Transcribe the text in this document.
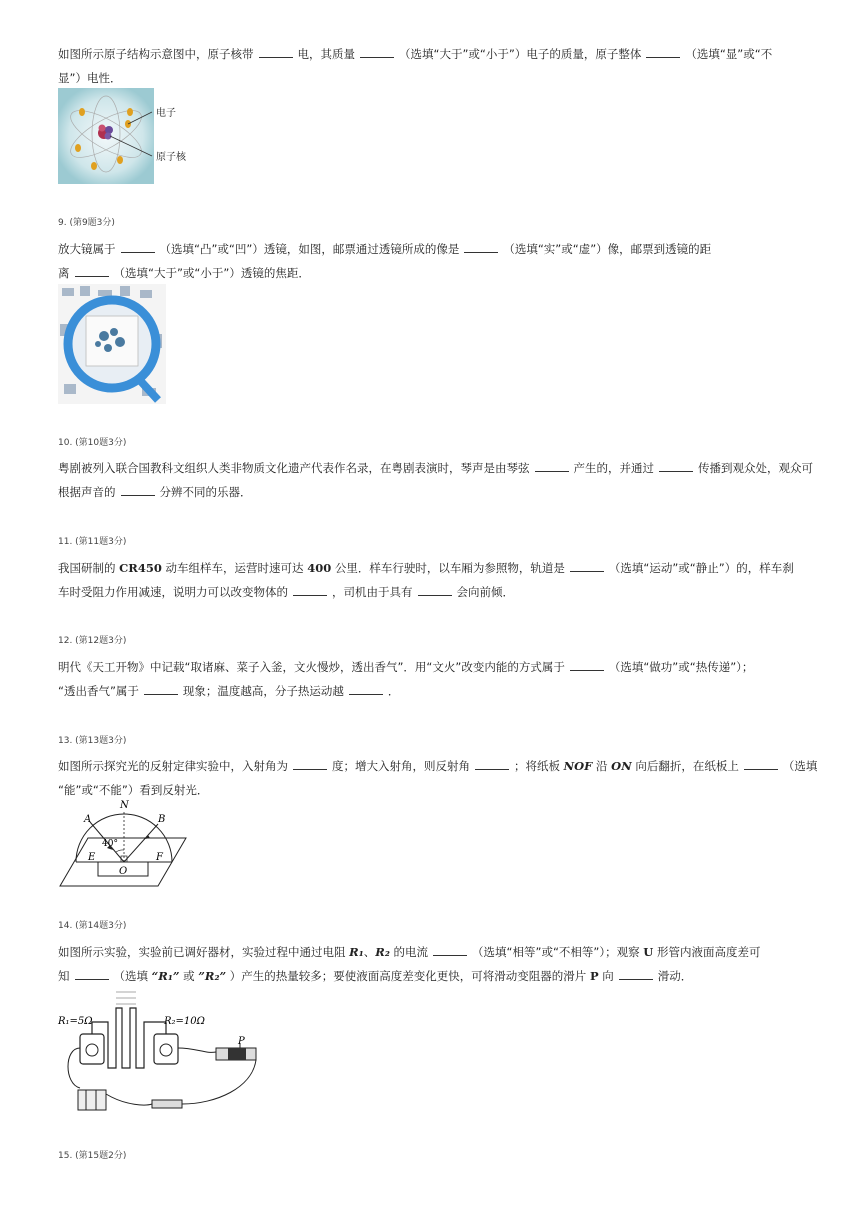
如图所示原子结构示意图中，原子核带	电，其质量	（选填“大于”或“小于”）电子的质量，原子整体	（选填“显”或“不
显”）电性．
电子
原子核
9. (第9题3分)
放大镜属于	（选填“凸”或“凹”）透镜，如图，邮票通过透镜所成的像是	（选填“实”或“虚”）像，邮票到透镜的距
离	（选填“大于”或“小于”）透镜的焦距．
10. (第10题3分)
粤剧被列入联合国教科文组织人类非物质文化遗产代表作名录，在粤剧表演时，琴声是由琴弦	产生的，并通过	传播到观众处，观众可
根据声音的	分辨不同的乐器．
11. (第11题3分)
我国研制的 CR450 动车组样车，运营时速可达 400 公里．样车行驶时，以车厢为参照物，轨道是	（选填“运动”或“静止”）的，样车刹
车时受阻力作用减速，说明力可以改变物体的	，司机由于具有	会向前倾．
12. (第12题3分)
明代《天工开物》中记载“取诸麻、菜子入釜，文火慢炒，透出香气”．用“文火”改变内能的方式属于	（选填“做功”或“热传递”）；
“透出香气”属于	现象；温度越高，分子热运动越	．
13. (第13题3分)
如图所示探究光的反射定律实验中，入射角为	度；增大入射角，则反射角	；将纸板 NOF 沿 ON 向后翻折，在纸板上	（选填
“能”或“不能”）看到反射光．
N
A	B
40°
E	F
O
14. (第14题3分)
如图所示实验，实验前已调好器材，实验过程中通过电阻 R₁、R₂ 的电流	（选填“相等”或“不相等”）；观察 U 形管内液面高度差可
知	（选填 “R₁” 或 ”R₂” ）产生的热量较多；要使液面高度差变化更快，可将滑动变阻器的滑片 P 向	滑动．
R₁=5Ω	R₂=10Ω
P
15. (第15题2分)
